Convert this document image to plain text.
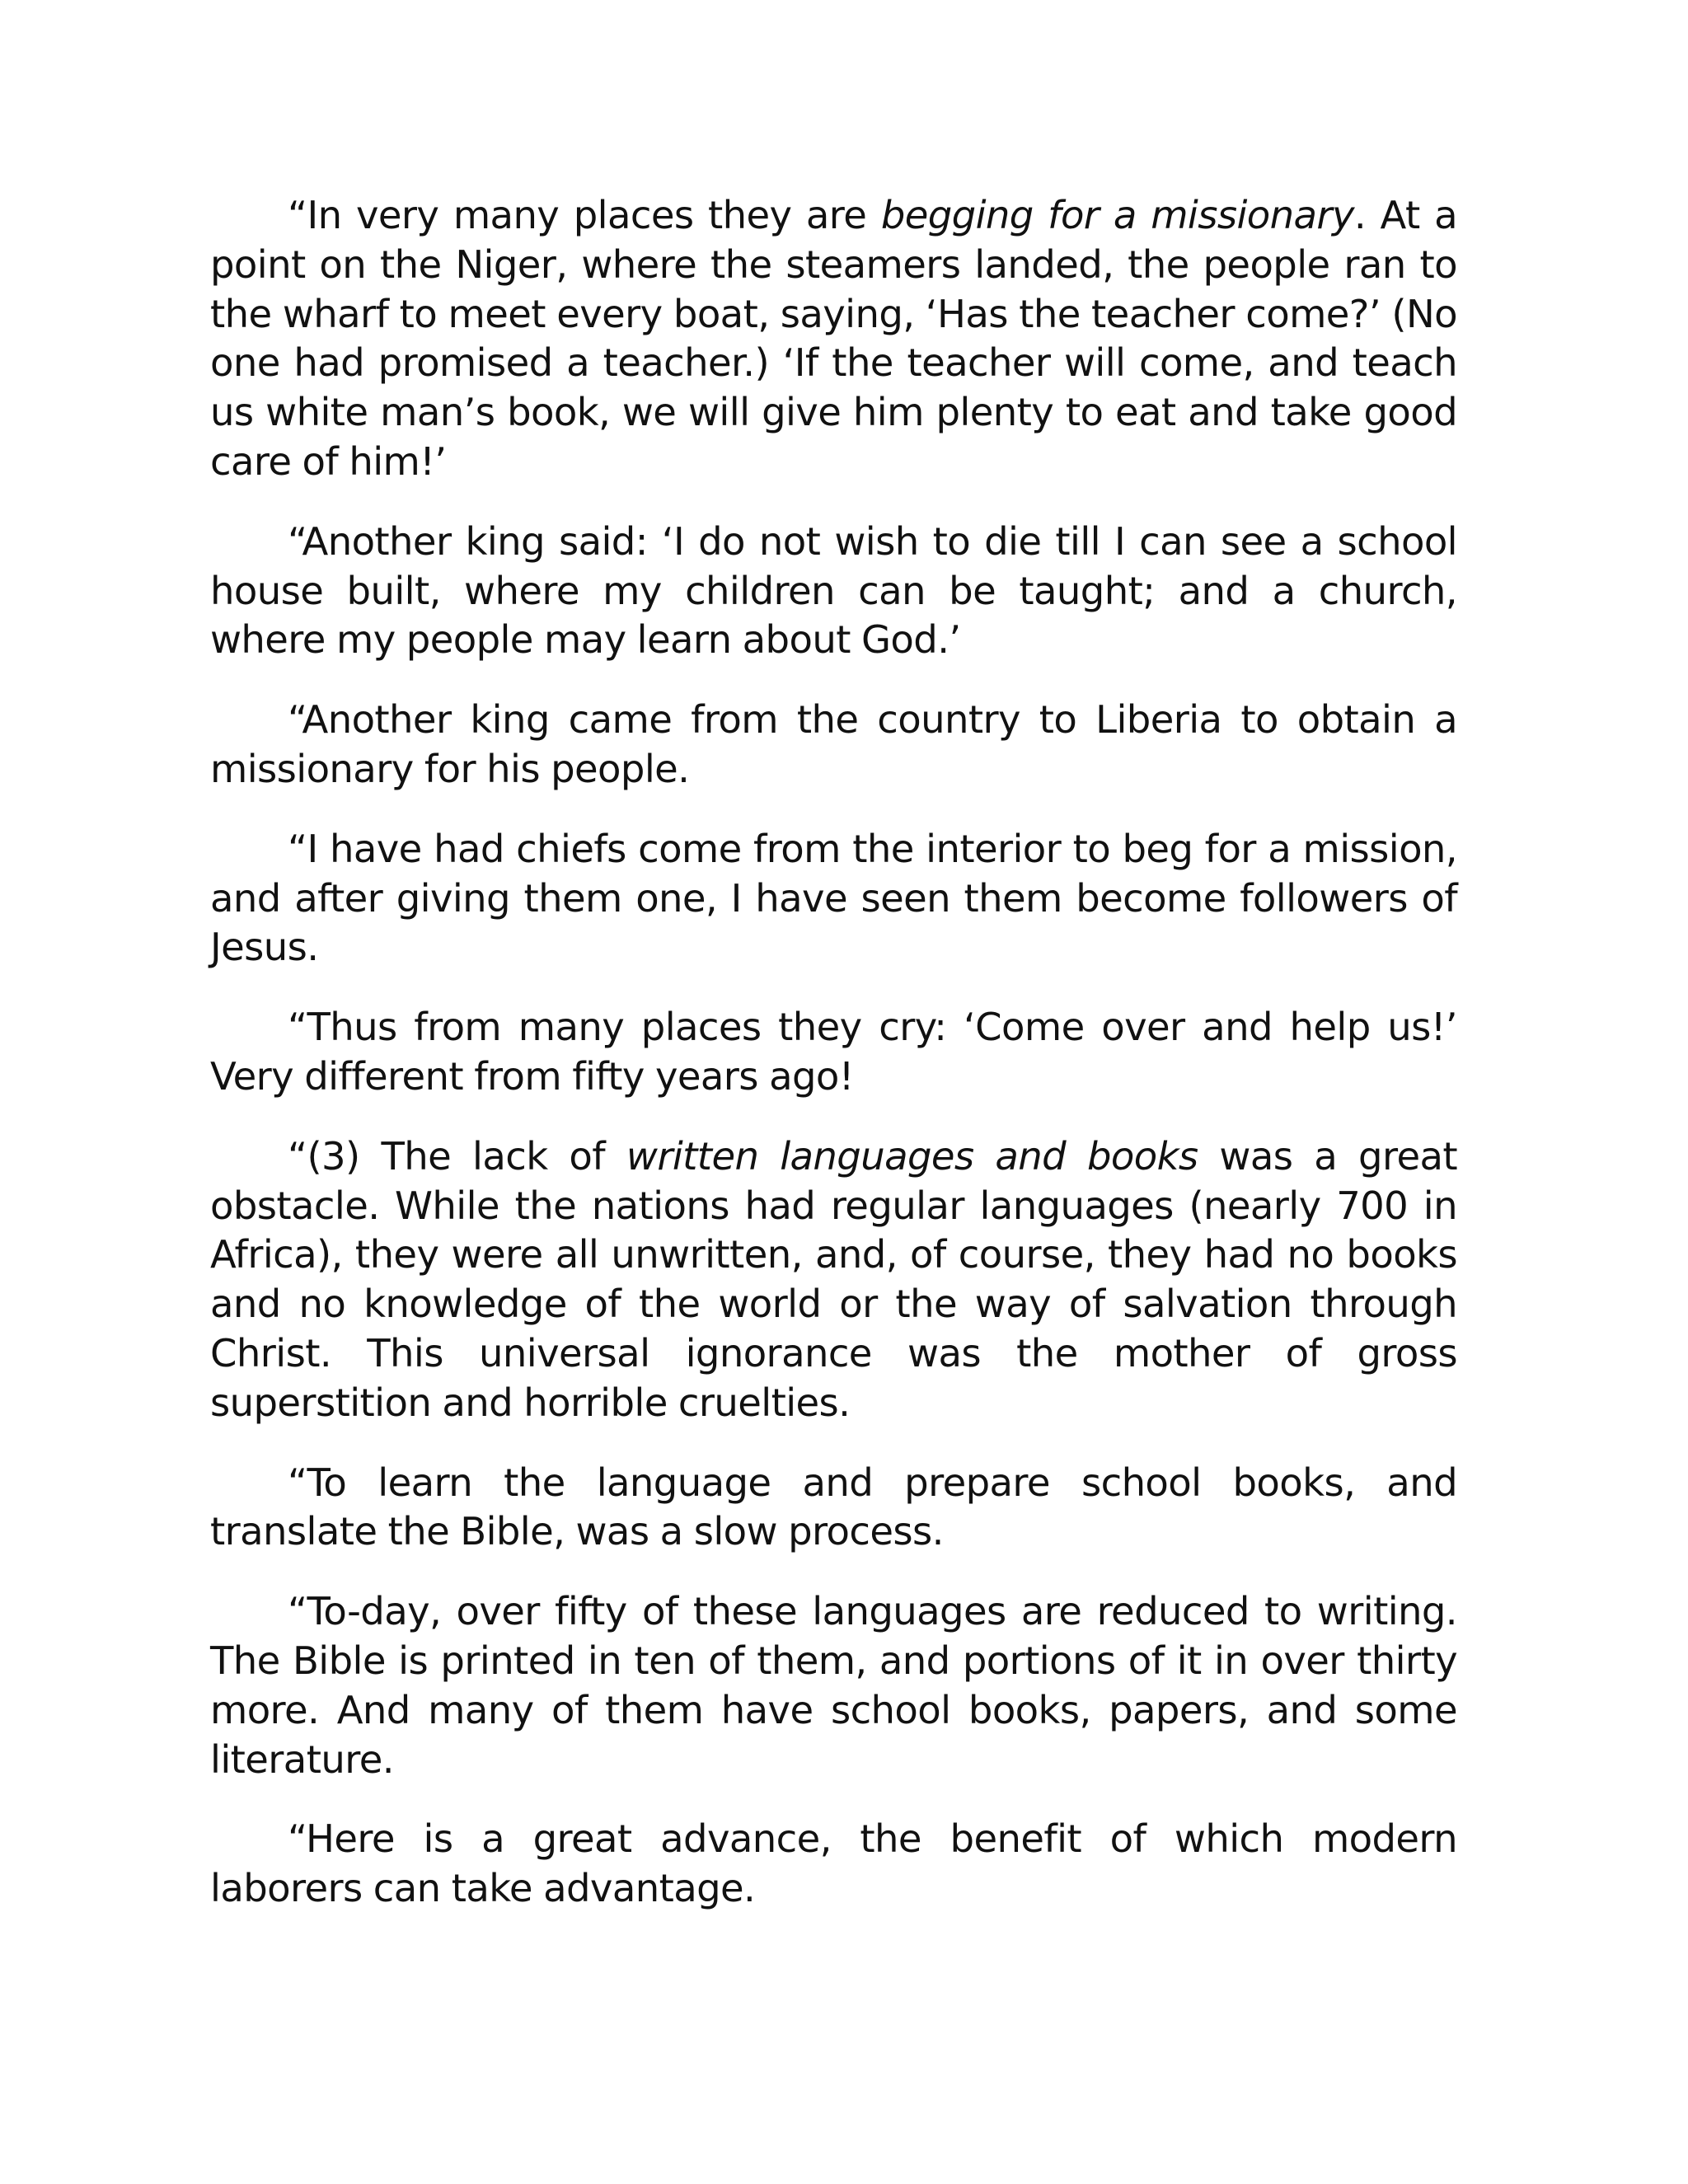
“In very many places they are begging for a missionary. At a point on the Niger, where the steamers landed, the people ran to the wharf to meet every boat, saying, ‘Has the teacher come?’ (No one had promised a teacher.) ‘If the teacher will come, and teach us white man’s book, we will give him plenty to eat and take good care of him!’

“Another king said: ‘I do not wish to die till I can see a school house built, where my children can be taught; and a church, where my people may learn about God.’

“Another king came from the country to Liberia to obtain a missionary for his people.

“I have had chiefs come from the interior to beg for a mission, and after giving them one, I have seen them become followers of Jesus.

“Thus from many places they cry: ‘Come over and help us!’ Very different from fifty years ago!

“(3) The lack of written languages and books was a great obstacle. While the nations had regular languages (nearly 700 in Africa), they were all unwritten, and, of course, they had no books and no knowledge of the world or the way of salvation through Christ. This universal ignorance was the mother of gross superstition and horrible cruelties.

“To learn the language and prepare school books, and translate the Bible, was a slow process.

“To-day, over fifty of these languages are reduced to writing. The Bible is printed in ten of them, and portions of it in over thirty more. And many of them have school books, papers, and some literature.

“Here is a great advance, the benefit of which modern laborers can take advantage.
